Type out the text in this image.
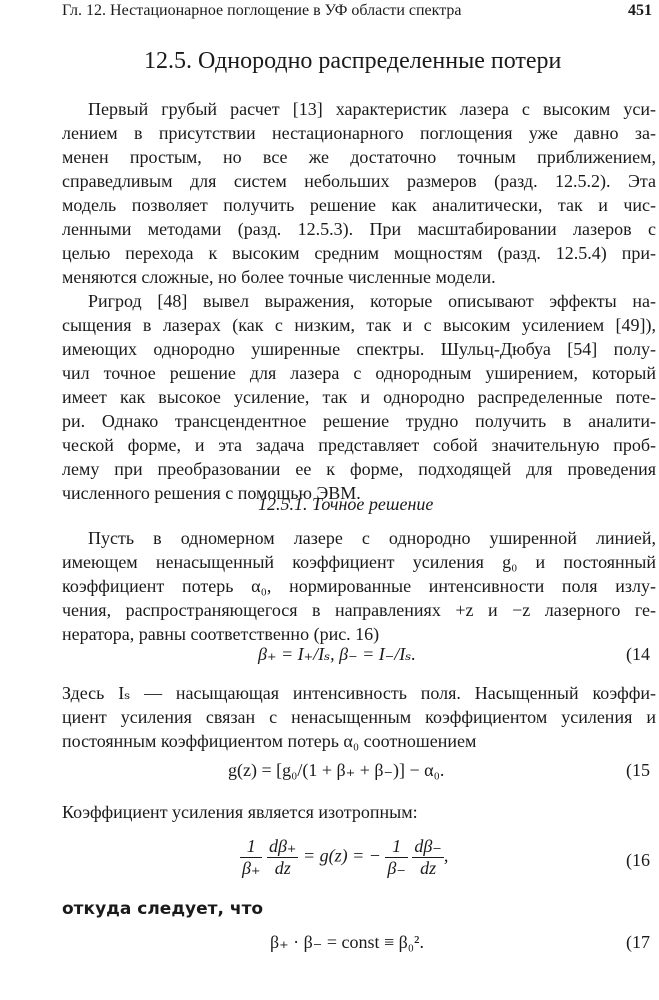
Гл. 12. Нестационарное поглощение в УФ области спектра	451
12.5. Однородно распределенные потери
Первый грубый расчет [13] характеристик лазера с высоким уси-
лением в присутствии нестационарного поглощения уже давно за-
менен простым, но все же достаточно точным приближением,
справедливым для систем небольших размеров (разд. 12.5.2). Эта
модель позволяет получить решение как аналитически, так и чис-
ленными методами (разд. 12.5.3). При масштабировании лазеров с
целью перехода к высоким средним мощностям (разд. 12.5.4) при-
меняются сложные, но более точные численные модели.
Ригрод [48] вывел выражения, которые описывают эффекты на-
сыщения в лазерах (как с низким, так и с высоким усилением [49]),
имеющих однородно уширенные спектры. Шульц-Дюбуа [54] полу-
чил точное решение для лазера с однородным уширением, который
имеет как высокое усиление, так и однородно распределенные поте-
ри. Однако трансцендентное решение трудно получить в аналити-
ческой форме, и эта задача представляет собой значительную проб-
лему при преобразовании ее к форме, подходящей для проведения
численного решения с помощью ЭВМ.
12.5.1. Точное решение
Пусть в одномерном лазере с однородно уширенной линией,
имеющем ненасыщенный коэффициент усиления g₀ и постоянный
коэффициент потерь α₀, нормированные интенсивности поля излу-
чения, распространяющегося в направлениях +z и −z лазерного ге-
нератора, равны соответственно (рис. 16)
β₊ = I₊/Iₛ, β₋ = I₋/Iₛ.	(14
Здесь Iₛ — насыщающая интенсивность поля. Насыщенный коэффи-
циент усиления связан с ненасыщенным коэффициентом усиления и
постоянным коэффициентом потерь α₀ соотношением
g(z) = [g₀/(1 + β₊ + β₋)] − α₀.	(15
Коэффициент усиления является изотропным:
$\frac{1}{\beta_+}$
$\frac{d\beta_+}{dz} = g(z)$ = − $\frac{1}{\beta_-}$
$\frac{d\beta_-}{dz}$ ,	(16
откуда следует, что
β₊ · β₋ = const ≡ β₀².	(17
